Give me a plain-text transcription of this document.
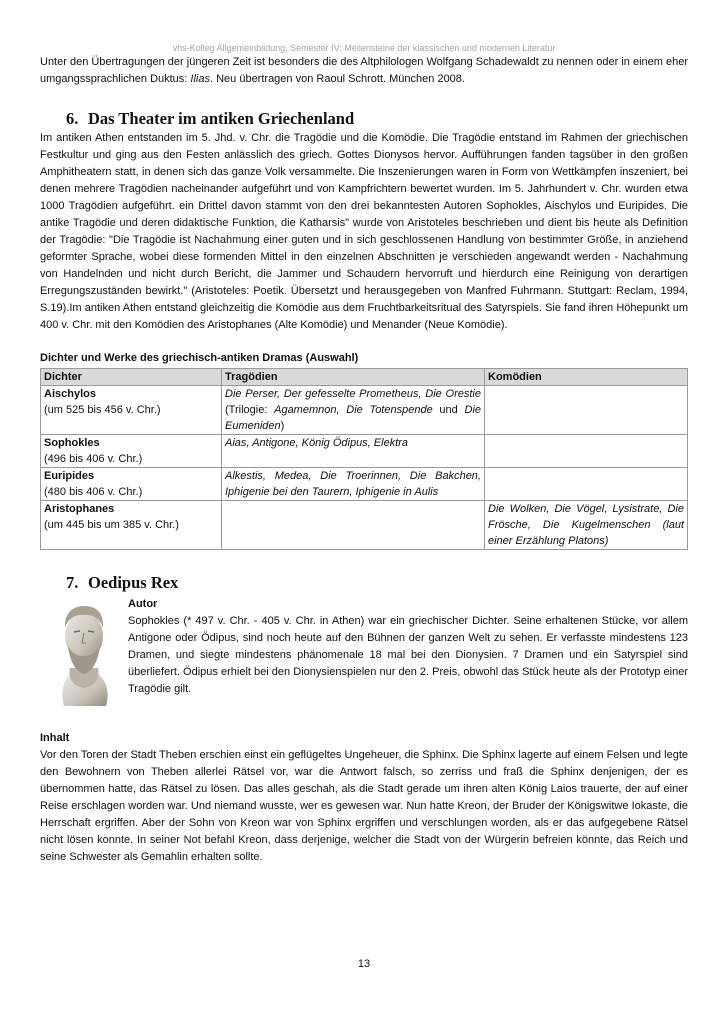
vhs-Kolleg Allgemeinbildung, Semester IV: Meilensteine der klassischen und modernen Literatur

Unter den Übertragungen der jüngeren Zeit ist besonders die des Altphilologen Wolfgang Schadewaldt zu nennen oder in einem eher umgangssprachlichen Duktus: Ilias. Neu übertragen von Raoul Schrott. München 2008.

6. Das Theater im antiken Griechenland

Im antiken Athen entstanden im 5. Jhd. v. Chr. die Tragödie und die Komödie. Die Tragödie entstand im Rahmen der griechischen Festkultur und ging aus den Festen anlässlich des griech. Gottes Dionysos hervor. Aufführungen fanden tagsüber in den großen Amphitheatern statt, in denen sich das ganze Volk versammelte. Die Inszenierungen waren in Form von Wettkämpfen inszeniert, bei denen mehrere Tragödien nacheinander aufgeführt und von Kampfrichtern bewertet wurden. Im 5. Jahrhundert v. Chr. wurden etwa 1000 Tragödien aufgeführt. ein Drittel davon stammt von den drei bekanntesten Autoren Sophokles, Aischylos und Euripides. Die antike Tragödie und deren didaktische Funktion, die Katharsis" wurde von Aristoteles beschrieben und dient bis heute als Definition der Tragödie: "Die Tragödie ist Nachahmung einer guten und in sich geschlossenen Handlung von bestimmter Größe, in anziehend geformter Sprache, wobei diese formenden Mittel in den einzelnen Abschnitten je verschieden angewandt werden - Nachahmung von Handelnden und nicht durch Bericht, die Jammer und Schaudern hervorruft und hierdurch eine Reinigung von derartigen Erregungszuständen bewirkt." (Aristoteles: Poetik. Übersetzt und herausgegeben von Manfred Fuhrmann. Stuttgart: Reclam, 1994, S.19).Im antiken Athen entstand gleichzeitig die Komödie aus dem Fruchtbarkeitsritual des Satyrspiels. Sie fand ihren Höhepunkt um 400 v. Chr. mit den Komödien des Aristophanes (Alte Komödie) und Menander (Neue Komödie).

Dichter und Werke des griechisch-antiken Dramas (Auswahl)
Dichter	Tragödien	Komödien

Aischylos
(um 525 bis 456 v. Chr.)	Die Perser, Der gefesselte Prometheus, Die Orestie (Trilogie: Agamemnon, Die Totenspende und Die Eumeniden)	

Sophokles
(496 bis 406 v. Chr.)	Aias, Antigone, König Ödipus, Elektra	

Euripides
(480 bis 406 v. Chr.)	Alkestis, Medea, Die Troerinnen, Die Bakchen, Iphigenie bei den Taurern, Iphigenie in Aulis	

Aristophanes
(um 445 bis um 385 v. Chr.)		Die Wolken, Die Vögel, Lysistrate, Die Frösche, Die Kugelmenschen (laut einer Erzählung Platons)
7. Oedipus Rex
Autor

Sophokles (* 497 v. Chr. - 405 v. Chr. in Athen) war ein griechischer Dichter. Seine erhaltenen Stücke, vor allem Antigone oder Ödipus, sind noch heute auf den Bühnen der ganzen Welt zu sehen. Er verfasste mindestens 123 Dramen, und siegte mindestens phänomenale 18 mal bei den Dionysien. 7 Dramen und ein Satyrspiel sind überliefert. Ödipus erhielt bei den Dionysienspielen nur den 2. Preis, obwohl das Stück heute als der Prototyp einer Tragödie gilt.

Inhalt

Vor den Toren der Stadt Theben erschien einst ein geflügeltes Ungeheuer, die Sphinx. Die Sphinx lagerte auf einem Felsen und legte den Bewohnern von Theben allerlei Rätsel vor, war die Antwort falsch, so zerriss und fraß die Sphinx denjenigen, der es übernommen hatte, das Rätsel zu lösen. Das alles geschah, als die Stadt gerade um ihren alten König Laios trauerte, der auf einer Reise erschlagen worden war. Und niemand wusste, wer es gewesen war. Nun hatte Kreon, der Bruder der Königswitwe Iokaste, die Herrschaft ergriffen. Aber der Sohn von Kreon war von Sphinx ergriffen und verschlungen worden, als er das aufgegebene Rätsel nicht lösen konnte. In seiner Not befahl Kreon, dass derjenige, welcher die Stadt von der Würgerin befreien könnte, das Reich und seine Schwester als Gemahlin erhalten sollte.

13
